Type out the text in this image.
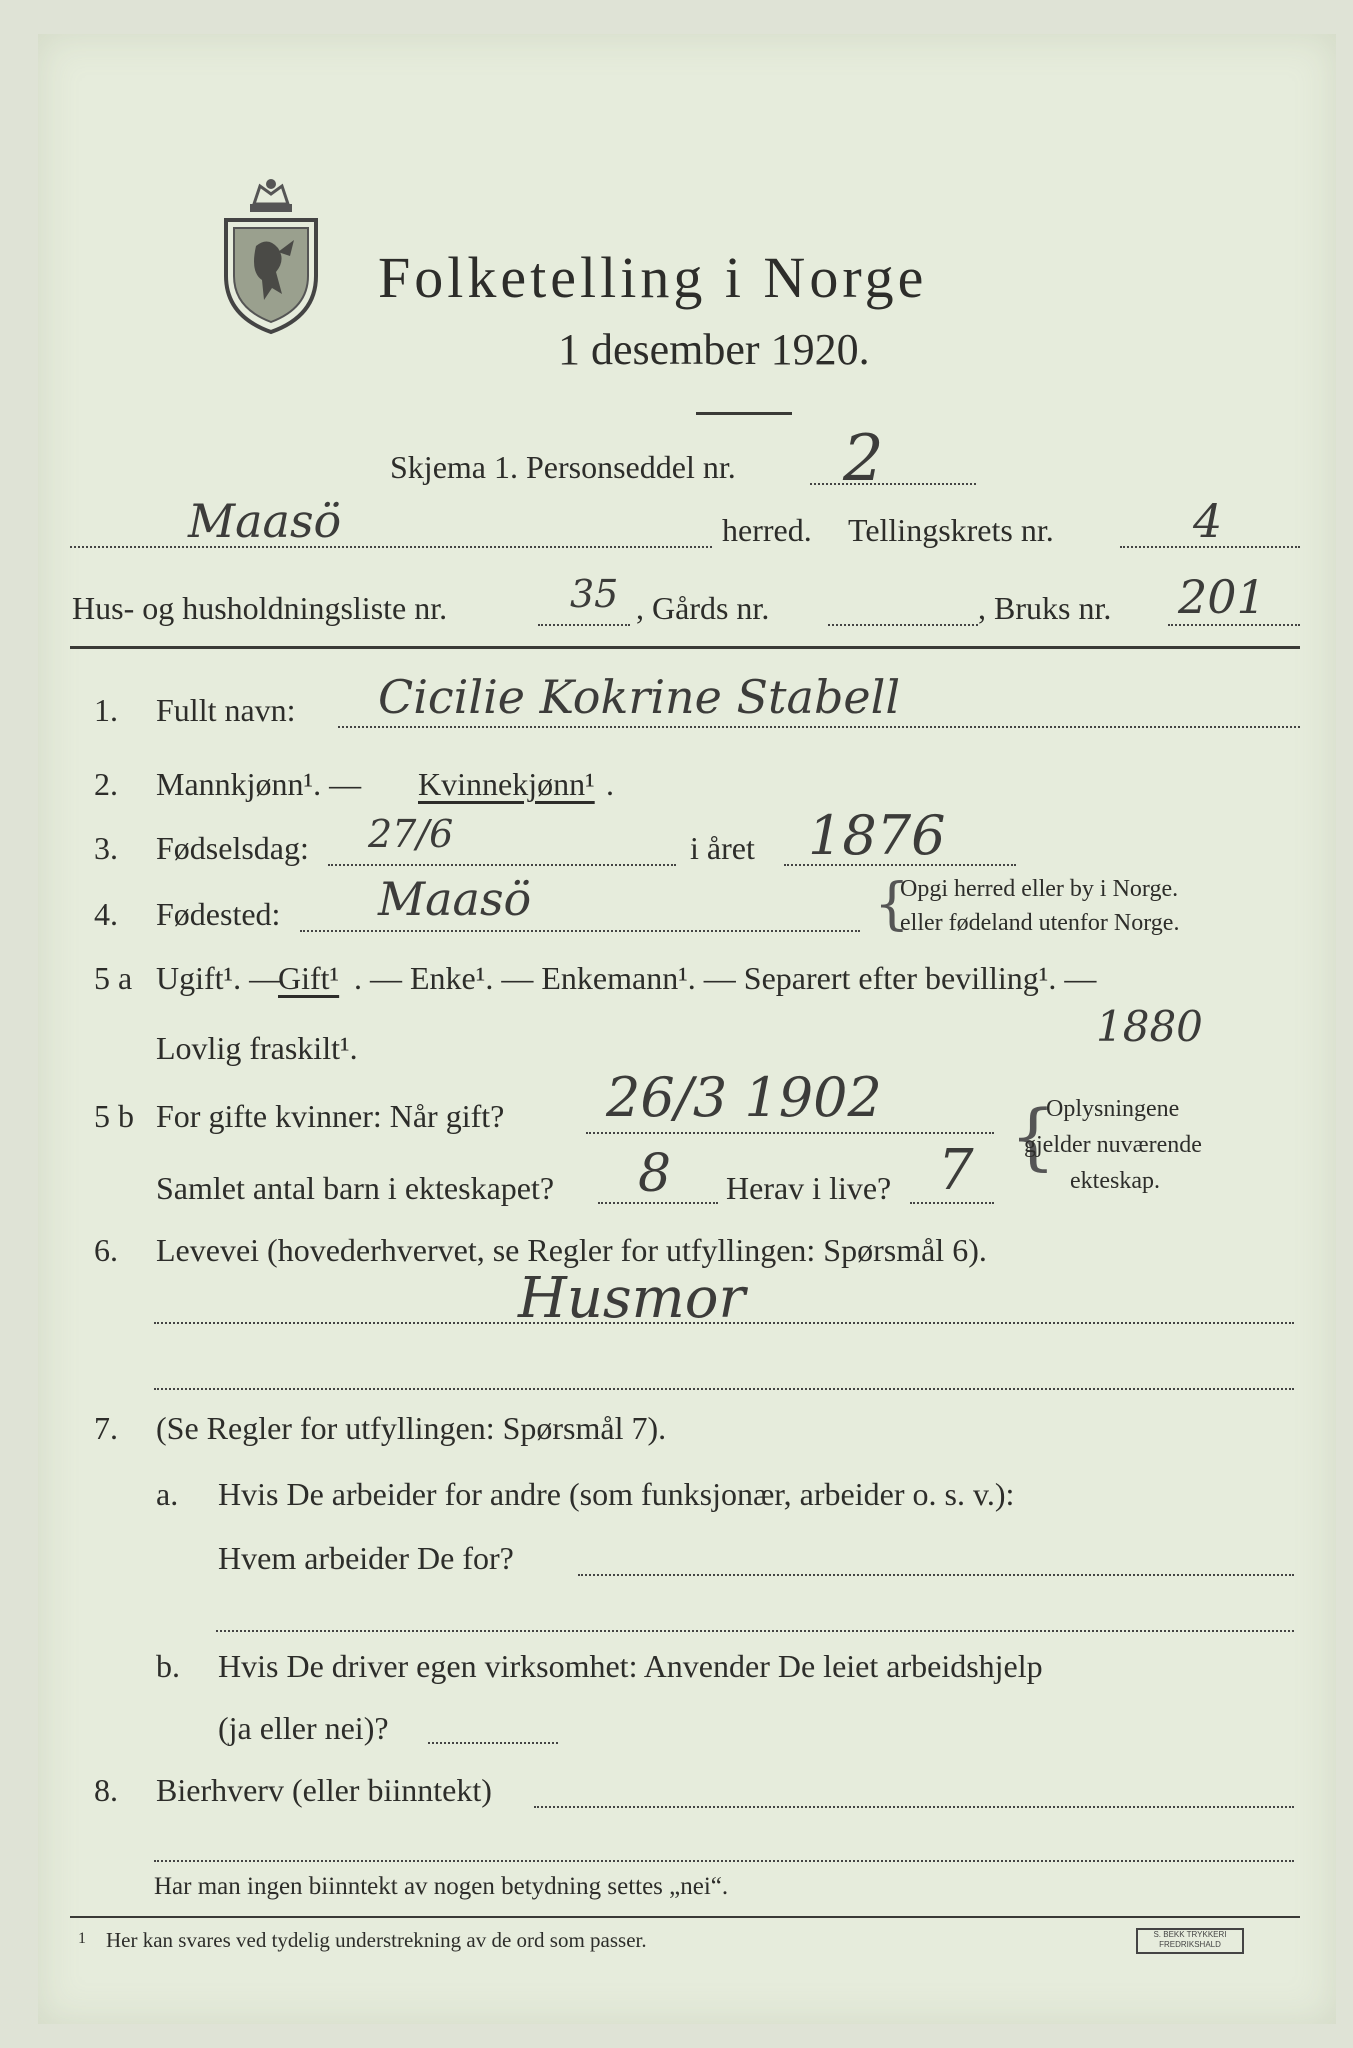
Folketelling i Norge
1 desember 1920.
Skjema 1. Personseddel nr. 2
Maasö	herred. Tellingskrets nr.	4
Hus- og husholdningsliste nr.	35 , Gårds nr.	, Bruks nr. 201
1. Fullt navn: Cicilie Kokrine Stabell
2. Mannkjønn¹. — Kvinnekjønn¹ .
3. Fødselsdag: 27/6	i året 1876
4. Fødested: Maasö	{
Opgi herred eller by i Norge.
eller fødeland utenfor Norge.
5 a Ugift¹. —
Gift¹ . — Enke¹. — Enkemann¹. — Separert efter bevilling¹. —
Lovlig fraskilt¹.	1880
5 b For gifte kvinner: Når gift? 26/3 1902
Samlet antal barn i ekteskapet? 8 Herav i live? 7 {
Oplysningene
gjelder nuværende
ekteskap.
6. Levevei (hovederhvervet, se Regler for utfyllingen: Spørsmål 6).
Husmor
7. (Se Regler for utfyllingen: Spørsmål 7).
a. Hvis De arbeider for andre (som funksjonær, arbeider o. s. v.):
Hvem arbeider De for?
b. Hvis De driver egen virksomhet: Anvender De leiet arbeidshjelp
(ja eller nei)?
8. Bierhverv (eller biinntekt)
Har man ingen biinntekt av nogen betydning settes „nei“.
1 Her kan svares ved tydelig understrekning av de ord som passer.	S. BEKK TRYKKERI
FREDRIKSHALD
